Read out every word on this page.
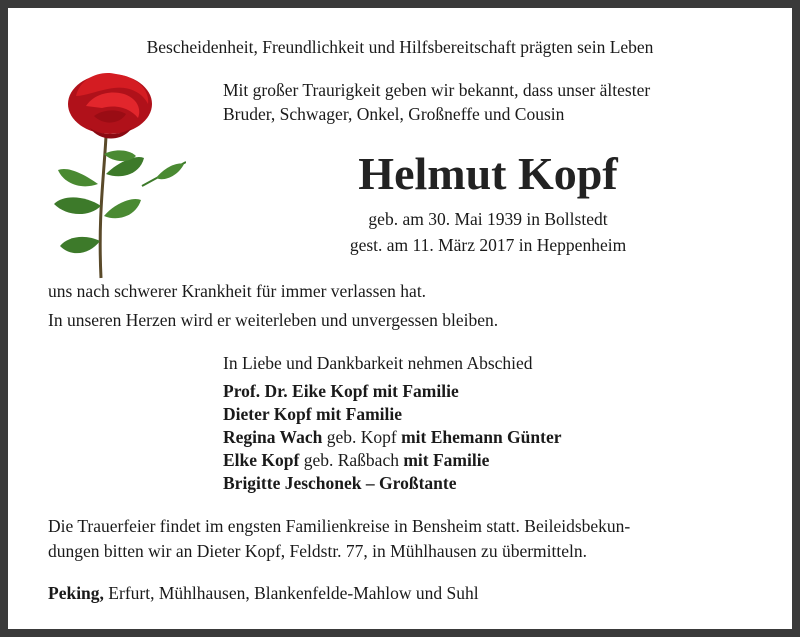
Bescheidenheit, Freundlichkeit und Hilfsbereitschaft prägten sein Leben
Mit großer Traurigkeit geben wir bekannt, dass unser ältester
Bruder, Schwager, Onkel, Großneffe und Cousin
Helmut Kopf
geb. am 30. Mai 1939 in Bollstedt
gest. am 11. März 2017 in Heppenheim
uns nach schwerer Krankheit für immer verlassen hat.
In unseren Herzen wird er weiterleben und unvergessen bleiben.
In Liebe und Dankbarkeit nehmen Abschied
Prof. Dr. Eike Kopf mit Familie
Dieter Kopf mit Familie
Regina Wach geb. Kopf mit Ehemann Günter
Elke Kopf geb. Raßbach mit Familie
Brigitte Jeschonek – Großtante
Die Trauerfeier findet im engsten Familienkreise in Bensheim statt. Beileidsbekun-
dungen bitten wir an Dieter Kopf, Feldstr. 77, in Mühlhausen zu übermitteln.
Peking, Erfurt, Mühlhausen, Blankenfelde-Mahlow und Suhl
